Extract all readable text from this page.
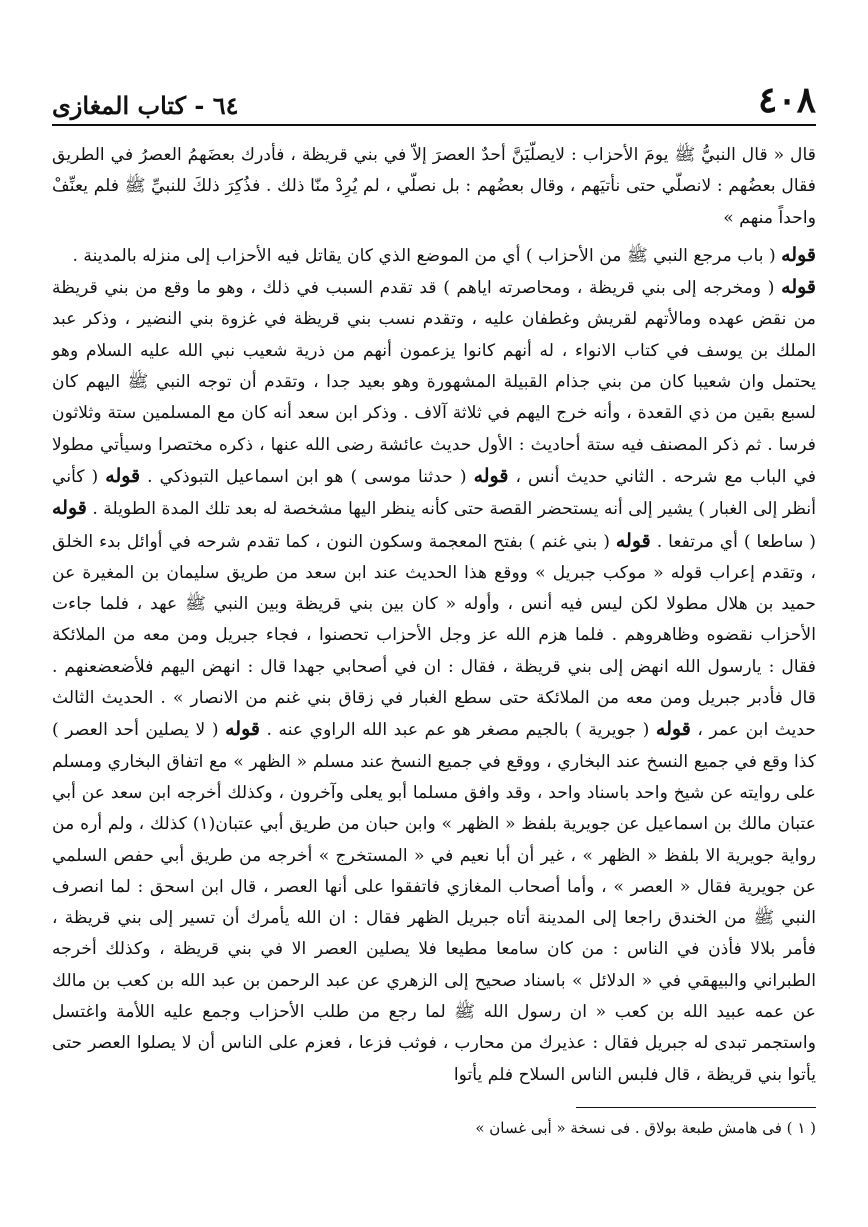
٤٠٨
٦٤ - كتاب المغازى

قال « قال النبيُّ ﷺ يومَ الأحزاب : لايصلّيَنَّ أحدٌ العصرَ إلاّ في بني قريظة ، فأدرك بعضَهمُ العصرُ في الطريق فقال بعضُهم : لانصلّي حتى نأتيَهم ، وقال بعضُهم : بل نصلّي ، لم يُرِدْ منّا ذلك . فذُكِرَ ذلكَ للنبيِّ ﷺ فلم يعنِّفْ واحداً منهم »

قوله ( باب مرجع النبي ﷺ من الأحزاب ) أي من الموضع الذي كان يقاتل فيه الأحزاب إلى منزله بالمدينة .

قوله ( ومخرجه إلى بني قريظة ، ومحاصرته اياهم ) قد تقدم السبب في ذلك ، وهو ما وقع من بني قريظة من نقض عهده ومالأتهم لقريش وغطفان عليه ، وتقدم نسب بني قريظة في غزوة بني النضير ، وذكر عبد الملك بن يوسف في كتاب الانواء ، له أنهم كانوا يزعمون أنهم من ذرية شعيب نبي الله عليه السلام وهو يحتمل وان شعيبا كان من بني جذام القبيلة المشهورة وهو بعيد جدا ، وتقدم أن توجه النبي ﷺ اليهم كان لسبع بقين من ذي القعدة ، وأنه خرج اليهم في ثلاثة آلاف . وذكر ابن سعد أنه كان مع المسلمين ستة وثلاثون فرسا . ثم ذكر المصنف فيه ستة أحاديث : الأول حديث عائشة رضى الله عنها ، ذكره مختصرا وسيأتي مطولا في الباب مع شرحه . الثاني حديث أنس ، قوله ( حدثنا موسى ) هو ابن اسماعيل التبوذكي . قوله ( كأني أنظر إلى الغبار ) يشير إلى أنه يستحضر القصة حتى كأنه ينظر اليها مشخصة له بعد تلك المدة الطويلة . قوله ( ساطعا ) أي مرتفعا . قوله ( بني غنم ) بفتح المعجمة وسكون النون ، كما تقدم شرحه في أوائل بدء الخلق ، وتقدم إعراب قوله « موكب جبريل » ووقع هذا الحديث عند ابن سعد من طريق سليمان بن المغيرة عن حميد بن هلال مطولا لكن ليس فيه أنس ، وأوله « كان بين بني قريظة وبين النبي ﷺ عهد ، فلما جاءت الأحزاب نقضوه وظاهروهم . فلما هزم الله عز وجل الأحزاب تحصنوا ، فجاء جبريل ومن معه من الملائكة فقال : يارسول الله انهض إلى بني قريظة ، فقال : ان في أصحابي جهدا قال : انهض اليهم فلأضعضعنهم . قال فأدبر جبريل ومن معه من الملائكة حتى سطع الغبار في زقاق بني غنم من الانصار » . الحديث الثالث حديث ابن عمر ، قوله ( جويرية ) بالجيم مصغر هو عم عبد الله الراوي عنه . قوله ( لا يصلين أحد العصر ) كذا وقع في جميع النسخ عند البخاري ، ووقع في جميع النسخ عند مسلم « الظهر » مع اتفاق البخاري ومسلم على روايته عن شيخ واحد باسناد واحد ، وقد وافق مسلما أبو يعلى وآخرون ، وكذلك أخرجه ابن سعد عن أبي عتبان مالك بن اسماعيل عن جويرية بلفظ « الظهر » وابن حبان من طريق أبي عتبان(١) كذلك ، ولم أره من رواية جويرية الا بلفظ « الظهر » ، غير أن أبا نعيم في « المستخرج » أخرجه من طريق أبي حفص السلمي عن جويرية فقال « العصر » ، وأما أصحاب المغازي فاتفقوا على أنها العصر ، قال ابن اسحق : لما انصرف النبي ﷺ من الخندق راجعا إلى المدينة أتاه جبريل الظهر فقال : ان الله يأمرك أن تسير إلى بني قريظة ، فأمر بلالا فأذن في الناس : من كان سامعا مطيعا فلا يصلين العصر الا في بني قريظة ، وكذلك أخرجه الطبراني والبيهقي في « الدلائل » باسناد صحيح إلى الزهري عن عبد الرحمن بن عبد الله بن كعب بن مالك عن عمه عبيد الله بن كعب « ان رسول الله ﷺ لما رجع من طلب الأحزاب وجمع عليه اللأمة واغتسل واستجمر تبدى له جبريل فقال : عذيرك من محارب ، فوثب فزعا ، فعزم على الناس أن لا يصلوا العصر حتى يأتوا بني قريظة ، قال فلبس الناس السلاح فلم يأتوا

( ١ ) فى هامش طبعة بولاق . فى نسخة « أبى غسان »
